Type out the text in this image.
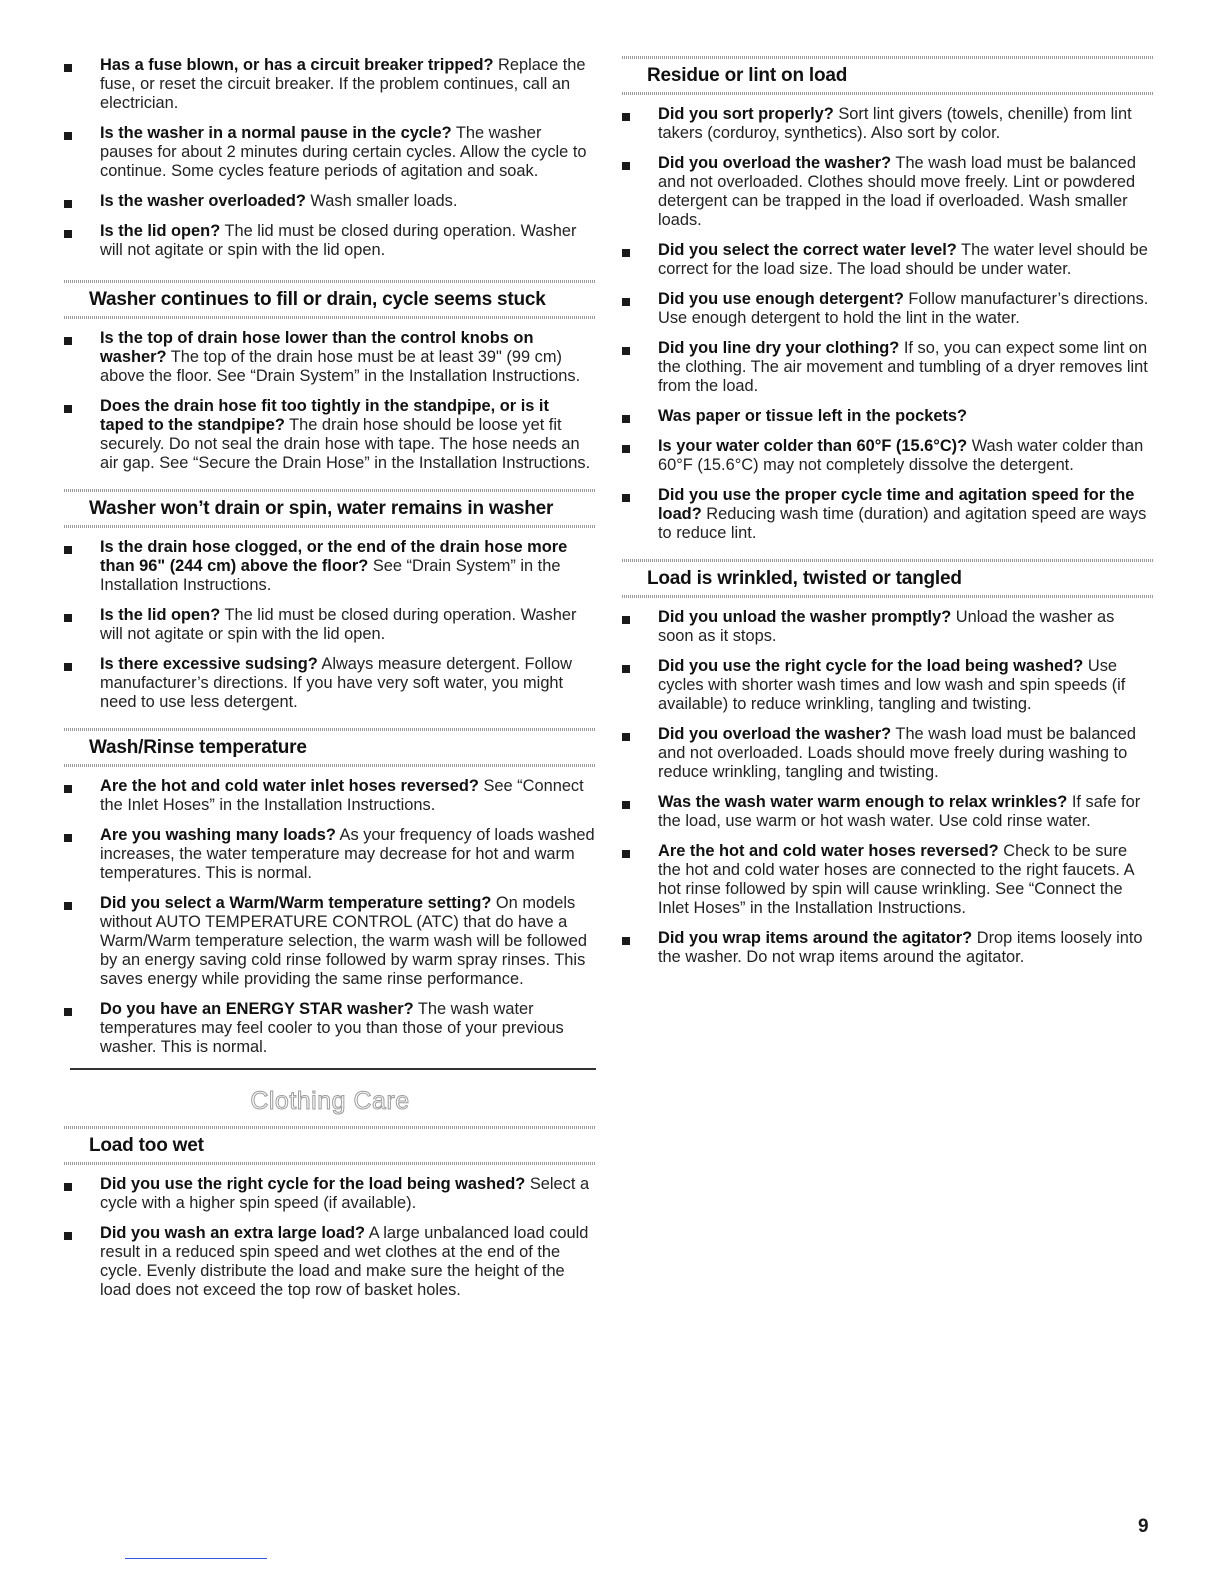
Has a fuse blown, or has a circuit breaker tripped? Replace the fuse, or reset the circuit breaker. If the problem continues, call an electrician.
Is the washer in a normal pause in the cycle? The washer pauses for about 2 minutes during certain cycles. Allow the cycle to continue. Some cycles feature periods of agitation and soak.
Is the washer overloaded? Wash smaller loads.
Is the lid open? The lid must be closed during operation. Washer will not agitate or spin with the lid open.
Washer continues to fill or drain, cycle seems stuck
Is the top of drain hose lower than the control knobs on washer? The top of the drain hose must be at least 39" (99 cm) above the floor. See “Drain System” in the Installation Instructions.
Does the drain hose fit too tightly in the standpipe, or is it taped to the standpipe? The drain hose should be loose yet fit securely. Do not seal the drain hose with tape. The hose needs an air gap. See “Secure the Drain Hose” in the Installation Instructions.
Washer won’t drain or spin, water remains in washer
Is the drain hose clogged, or the end of the drain hose more than 96" (244 cm) above the floor? See “Drain System” in the Installation Instructions.
Is the lid open? The lid must be closed during operation. Washer will not agitate or spin with the lid open.
Is there excessive sudsing? Always measure detergent. Follow manufacturer’s directions. If you have very soft water, you might need to use less detergent.
Wash/Rinse temperature
Are the hot and cold water inlet hoses reversed? See “Connect the Inlet Hoses” in the Installation Instructions.
Are you washing many loads? As your frequency of loads washed increases, the water temperature may decrease for hot and warm temperatures. This is normal.
Did you select a Warm/Warm temperature setting? On models without AUTO TEMPERATURE CONTROL (ATC) that do have a Warm/Warm temperature selection, the warm wash will be followed by an energy saving cold rinse followed by warm spray rinses. This saves energy while providing the same rinse performance.
Do you have an ENERGY STAR washer? The wash water temperatures may feel cooler to you than those of your previous washer. This is normal.
Clothing Care
Load too wet
Did you use the right cycle for the load being washed? Select a cycle with a higher spin speed (if available).
Did you wash an extra large load? A large unbalanced load could result in a reduced spin speed and wet clothes at the end of the cycle. Evenly distribute the load and make sure the height of the load does not exceed the top row of basket holes.
Residue or lint on load
Did you sort properly? Sort lint givers (towels, chenille) from lint takers (corduroy, synthetics). Also sort by color.
Did you overload the washer? The wash load must be balanced and not overloaded. Clothes should move freely. Lint or powdered detergent can be trapped in the load if overloaded. Wash smaller loads.
Did you select the correct water level? The water level should be correct for the load size. The load should be under water.
Did you use enough detergent? Follow manufacturer’s directions. Use enough detergent to hold the lint in the water.
Did you line dry your clothing? If so, you can expect some lint on the clothing. The air movement and tumbling of a dryer removes lint from the load.
Was paper or tissue left in the pockets?
Is your water colder than 60°F (15.6°C)? Wash water colder than 60°F (15.6°C) may not completely dissolve the detergent.
Did you use the proper cycle time and agitation speed for the load? Reducing wash time (duration) and agitation speed are ways to reduce lint.
Load is wrinkled, twisted or tangled
Did you unload the washer promptly? Unload the washer as soon as it stops.
Did you use the right cycle for the load being washed? Use cycles with shorter wash times and low wash and spin speeds (if available) to reduce wrinkling, tangling and twisting.
Did you overload the washer? The wash load must be balanced and not overloaded. Loads should move freely during washing to reduce wrinkling, tangling and twisting.
Was the wash water warm enough to relax wrinkles? If safe for the load, use warm or hot wash water. Use cold rinse water.
Are the hot and cold water hoses reversed? Check to be sure the hot and cold water hoses are connected to the right faucets. A hot rinse followed by spin will cause wrinkling. See “Connect the Inlet Hoses” in the Installation Instructions.
Did you wrap items around the agitator? Drop items loosely into the washer. Do not wrap items around the agitator.
9
